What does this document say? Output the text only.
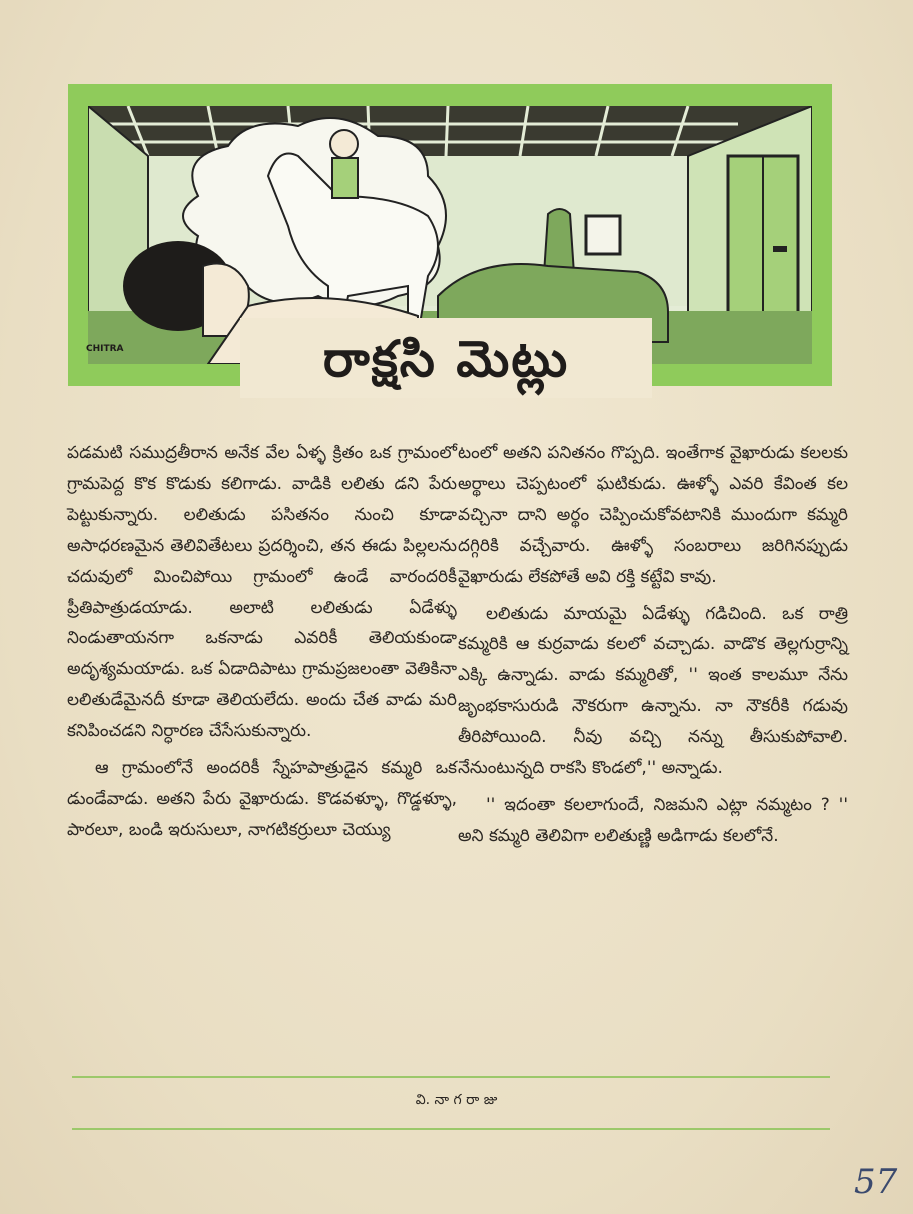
రాక్షసి మెట్లు
CHITRA

పడమటి సముద్రతీరాన అనేక వేల ఏళ్ళ క్రితం ఒక గ్రామంలో గ్రామపెద్ద కొక కొడుకు కలిగాడు. వాడికి లలితు డని పేరు పెట్టుకున్నారు. లలితుడు పసితనం నుంచి కూడా అసాధరణమైన తెలివితేటలు ప్రదర్శించి, తన ఈడు పిల్లలను చదువులో మించిపోయి గ్రామంలో ఉండే వారందరికీ ప్రీతిపాత్రుడయాడు. అలాటి లలితుడు ఏడేళ్ళు నిండుతాయనగా ఒకనాడు ఎవరికీ తెలియకుండా అదృశ్యమయాడు. ఒక ఏడాదిపాటు గ్రామప్రజలంతా వెతికినా లలితుడేమైనదీ కూడా తెలియలేదు. అందు చేత వాడు మరి కనిపించడని నిర్ధారణ చేసేసుకున్నారు.

ఆ గ్రామంలోనే అందరికీ స్నేహపాత్రుడైన కమ్మరి ఒక డుండేవాడు. అతని పేరు వైఖారుడు. కొడవళ్ళూ, గొడ్డళ్ళూ, పారలూ, బండి ఇరుసులూ, నాగటికర్రులూ చెయ్యు

టంలో అతని పనితనం గొప్పది. ఇంతేగాక వైఖారుడు కలలకు అర్థాలు చెప్పటంలో ఘటికుడు. ఊళ్ళో ఎవరి కేవింత కల వచ్చినా దాని అర్థం చెప్పించుకోవటానికి ముందుగా కమ్మరి దగ్గిరికి వచ్చేవారు. ఊళ్ళో సంబరాలు జరిగినప్పుడు వైఖారుడు లేకపోతే అవి రక్తి కట్టేవి కావు.

లలితుడు మాయమై ఏడేళ్ళు గడిచింది. ఒక రాత్రి కమ్మరికి ఆ కుర్రవాడు కలలో వచ్చాడు. వాడొక తెల్లగుర్రాన్ని ఎక్కి ఉన్నాడు. వాడు కమ్మరితో, '' ఇంత కాలమూ నేను జృంభకాసురుడి నౌకరుగా ఉన్నాను. నా నౌకరీకి గడువు తీరిపోయింది. నీవు వచ్చి నన్ను తీసుకుపోవాలి. నేనుంటున్నది రాకసి కొండలో,'' అన్నాడు.

'' ఇదంతా కలలాగుందే, నిజమని ఎట్లా నమ్మటం ? '' అని కమ్మరి తెలివిగా లలితుణ్ణి అడిగాడు కలలోనే.

వి. నా గ రా జు
57
